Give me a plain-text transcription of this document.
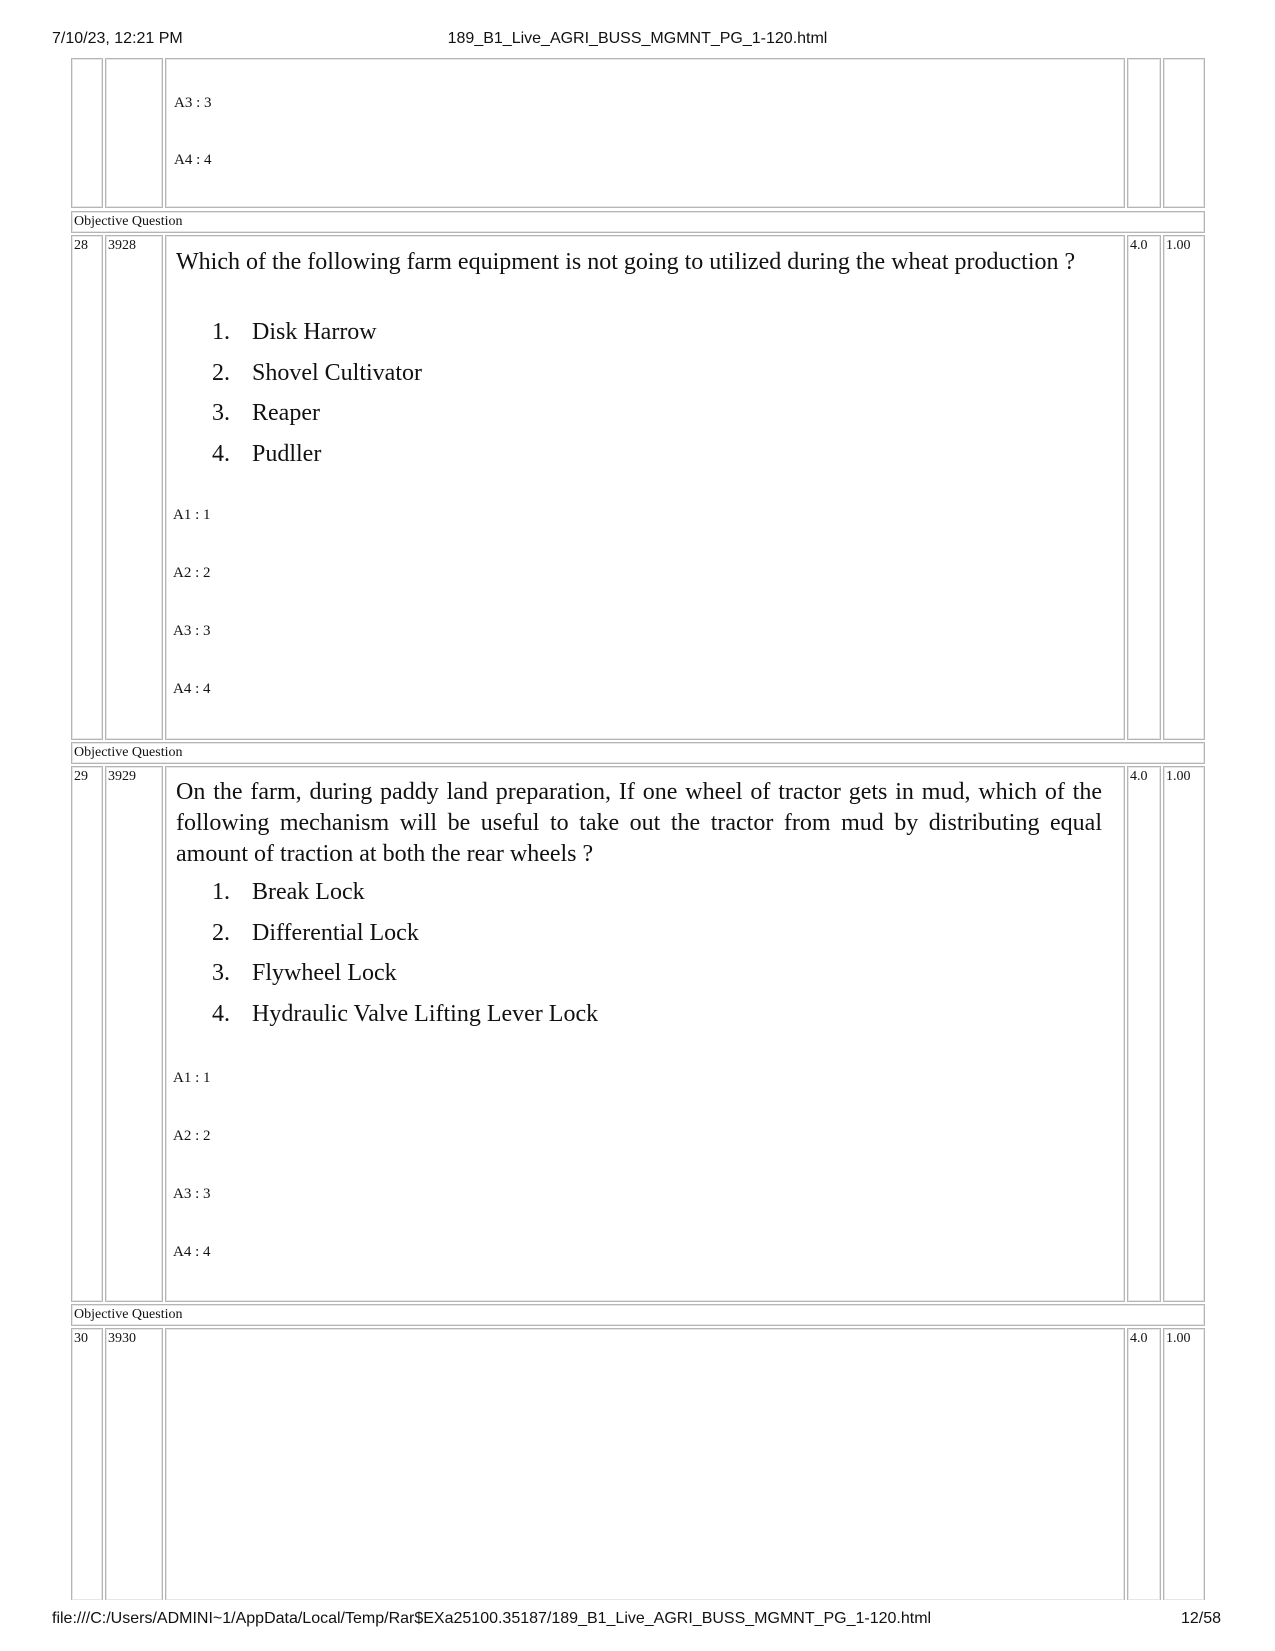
7/10/23, 12:21 PM	189_B1_Live_AGRI_BUSS_MGMNT_PG_1-120.html
A3 : 3
A4 : 4
Objective Question
28 3928
Which of the following farm equipment is not going to utilized during the wheat production ?
1. Disk Harrow
2. Shovel Cultivator
3. Reaper
4. Pudller
A1 : 1
A2 : 2
A3 : 3
A4 : 4
4.0 1.00
Objective Question
29 3929
On the farm, during paddy land preparation, If one wheel of tractor gets in mud, which of the following mechanism will be useful to take out the tractor from mud by distributing equal amount of traction at both the rear wheels ?
1. Break Lock
2. Differential Lock
3. Flywheel Lock
4. Hydraulic Valve Lifting Lever Lock
A1 : 1
A2 : 2
A3 : 3
A4 : 4
4.0 1.00
Objective Question
30 3930	4.0 1.00
file:///C:/Users/ADMINI~1/AppData/Local/Temp/Rar$EXa25100.35187/189_B1_Live_AGRI_BUSS_MGMNT_PG_1-120.html	12/58
